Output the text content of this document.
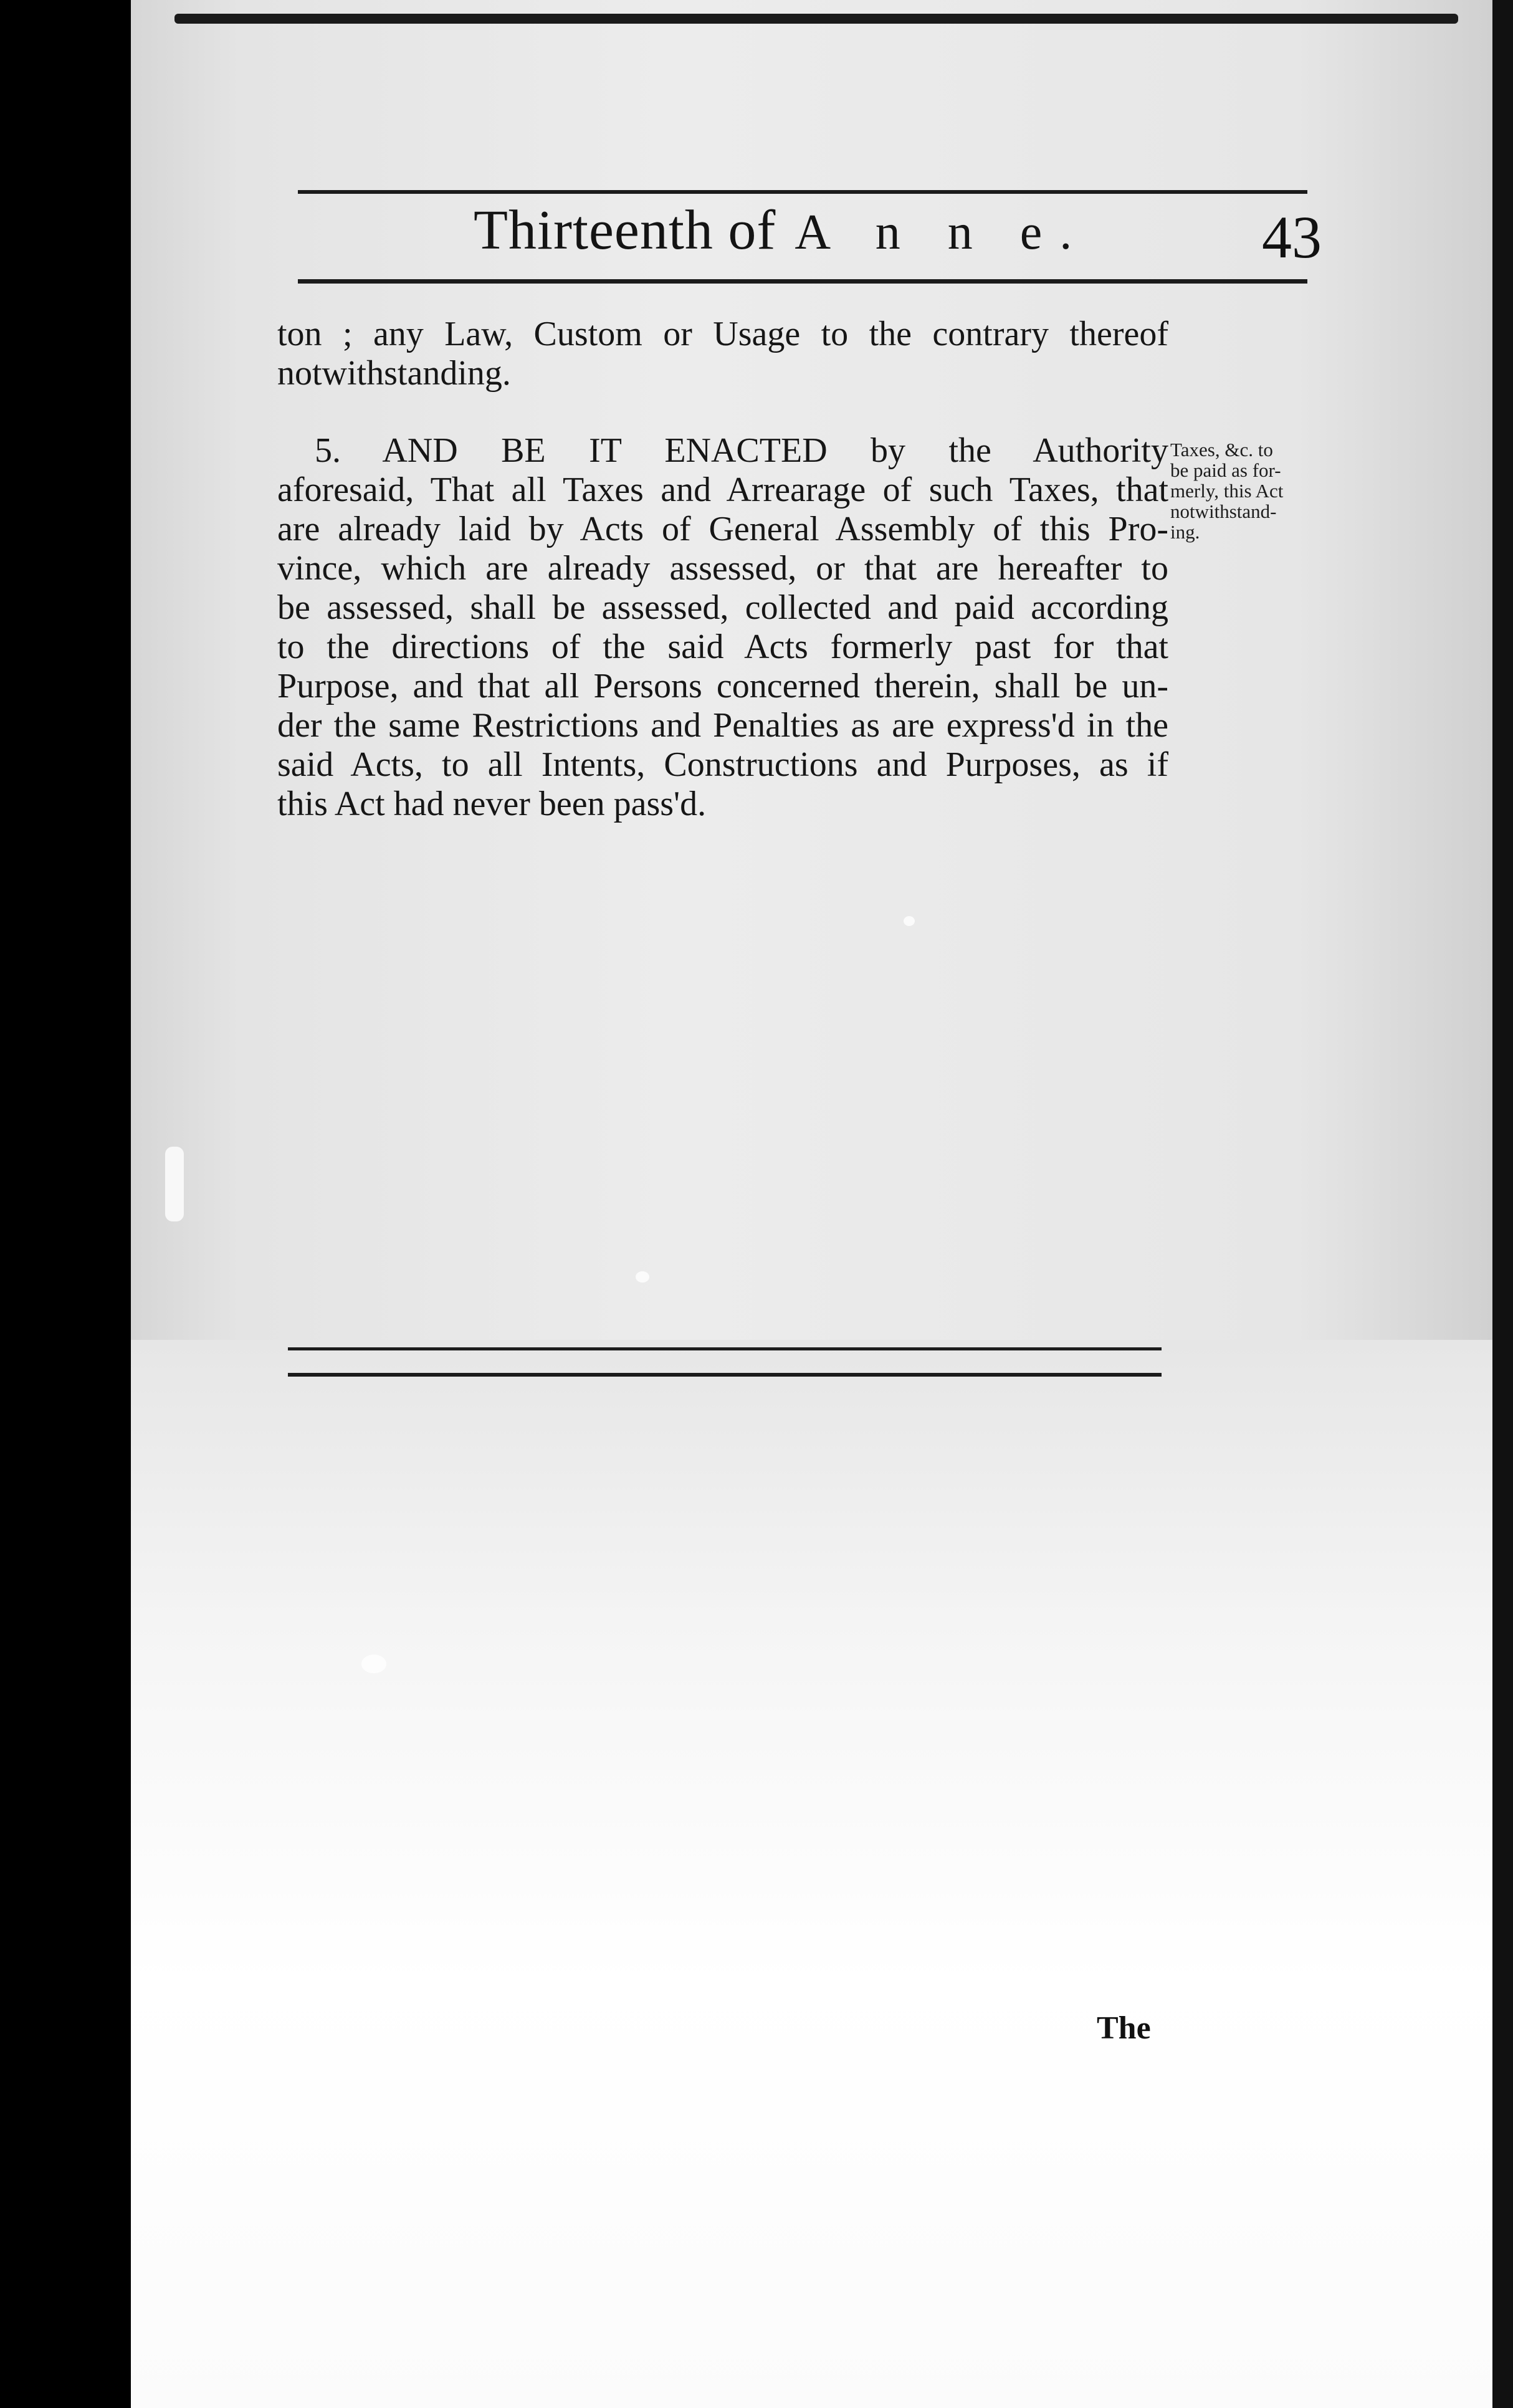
Thirteenth of A n n e.	43
ton ; any Law, Custom or Usage to the contrary thereof
notwithstanding.
5. AND BE IT ENACTED by the Authority
aforesaid, That all Taxes and Arrearage of such Taxes, that
are already laid by Acts of General Assembly of this Pro-
vince, which are already assessed, or that are hereafter to
be assessed, shall be assessed, collected and paid according
to the directions of the said Acts formerly past for that
Purpose, and that all Persons concerned therein, shall be un-
der the same Restrictions and Penalties as are express'd in the
said Acts, to all Intents, Constructions and Purposes, as if
this Act had never been pass'd.
Taxes, &c. to
be paid as for-
merly, this Act
notwithstand-
ing.
The
